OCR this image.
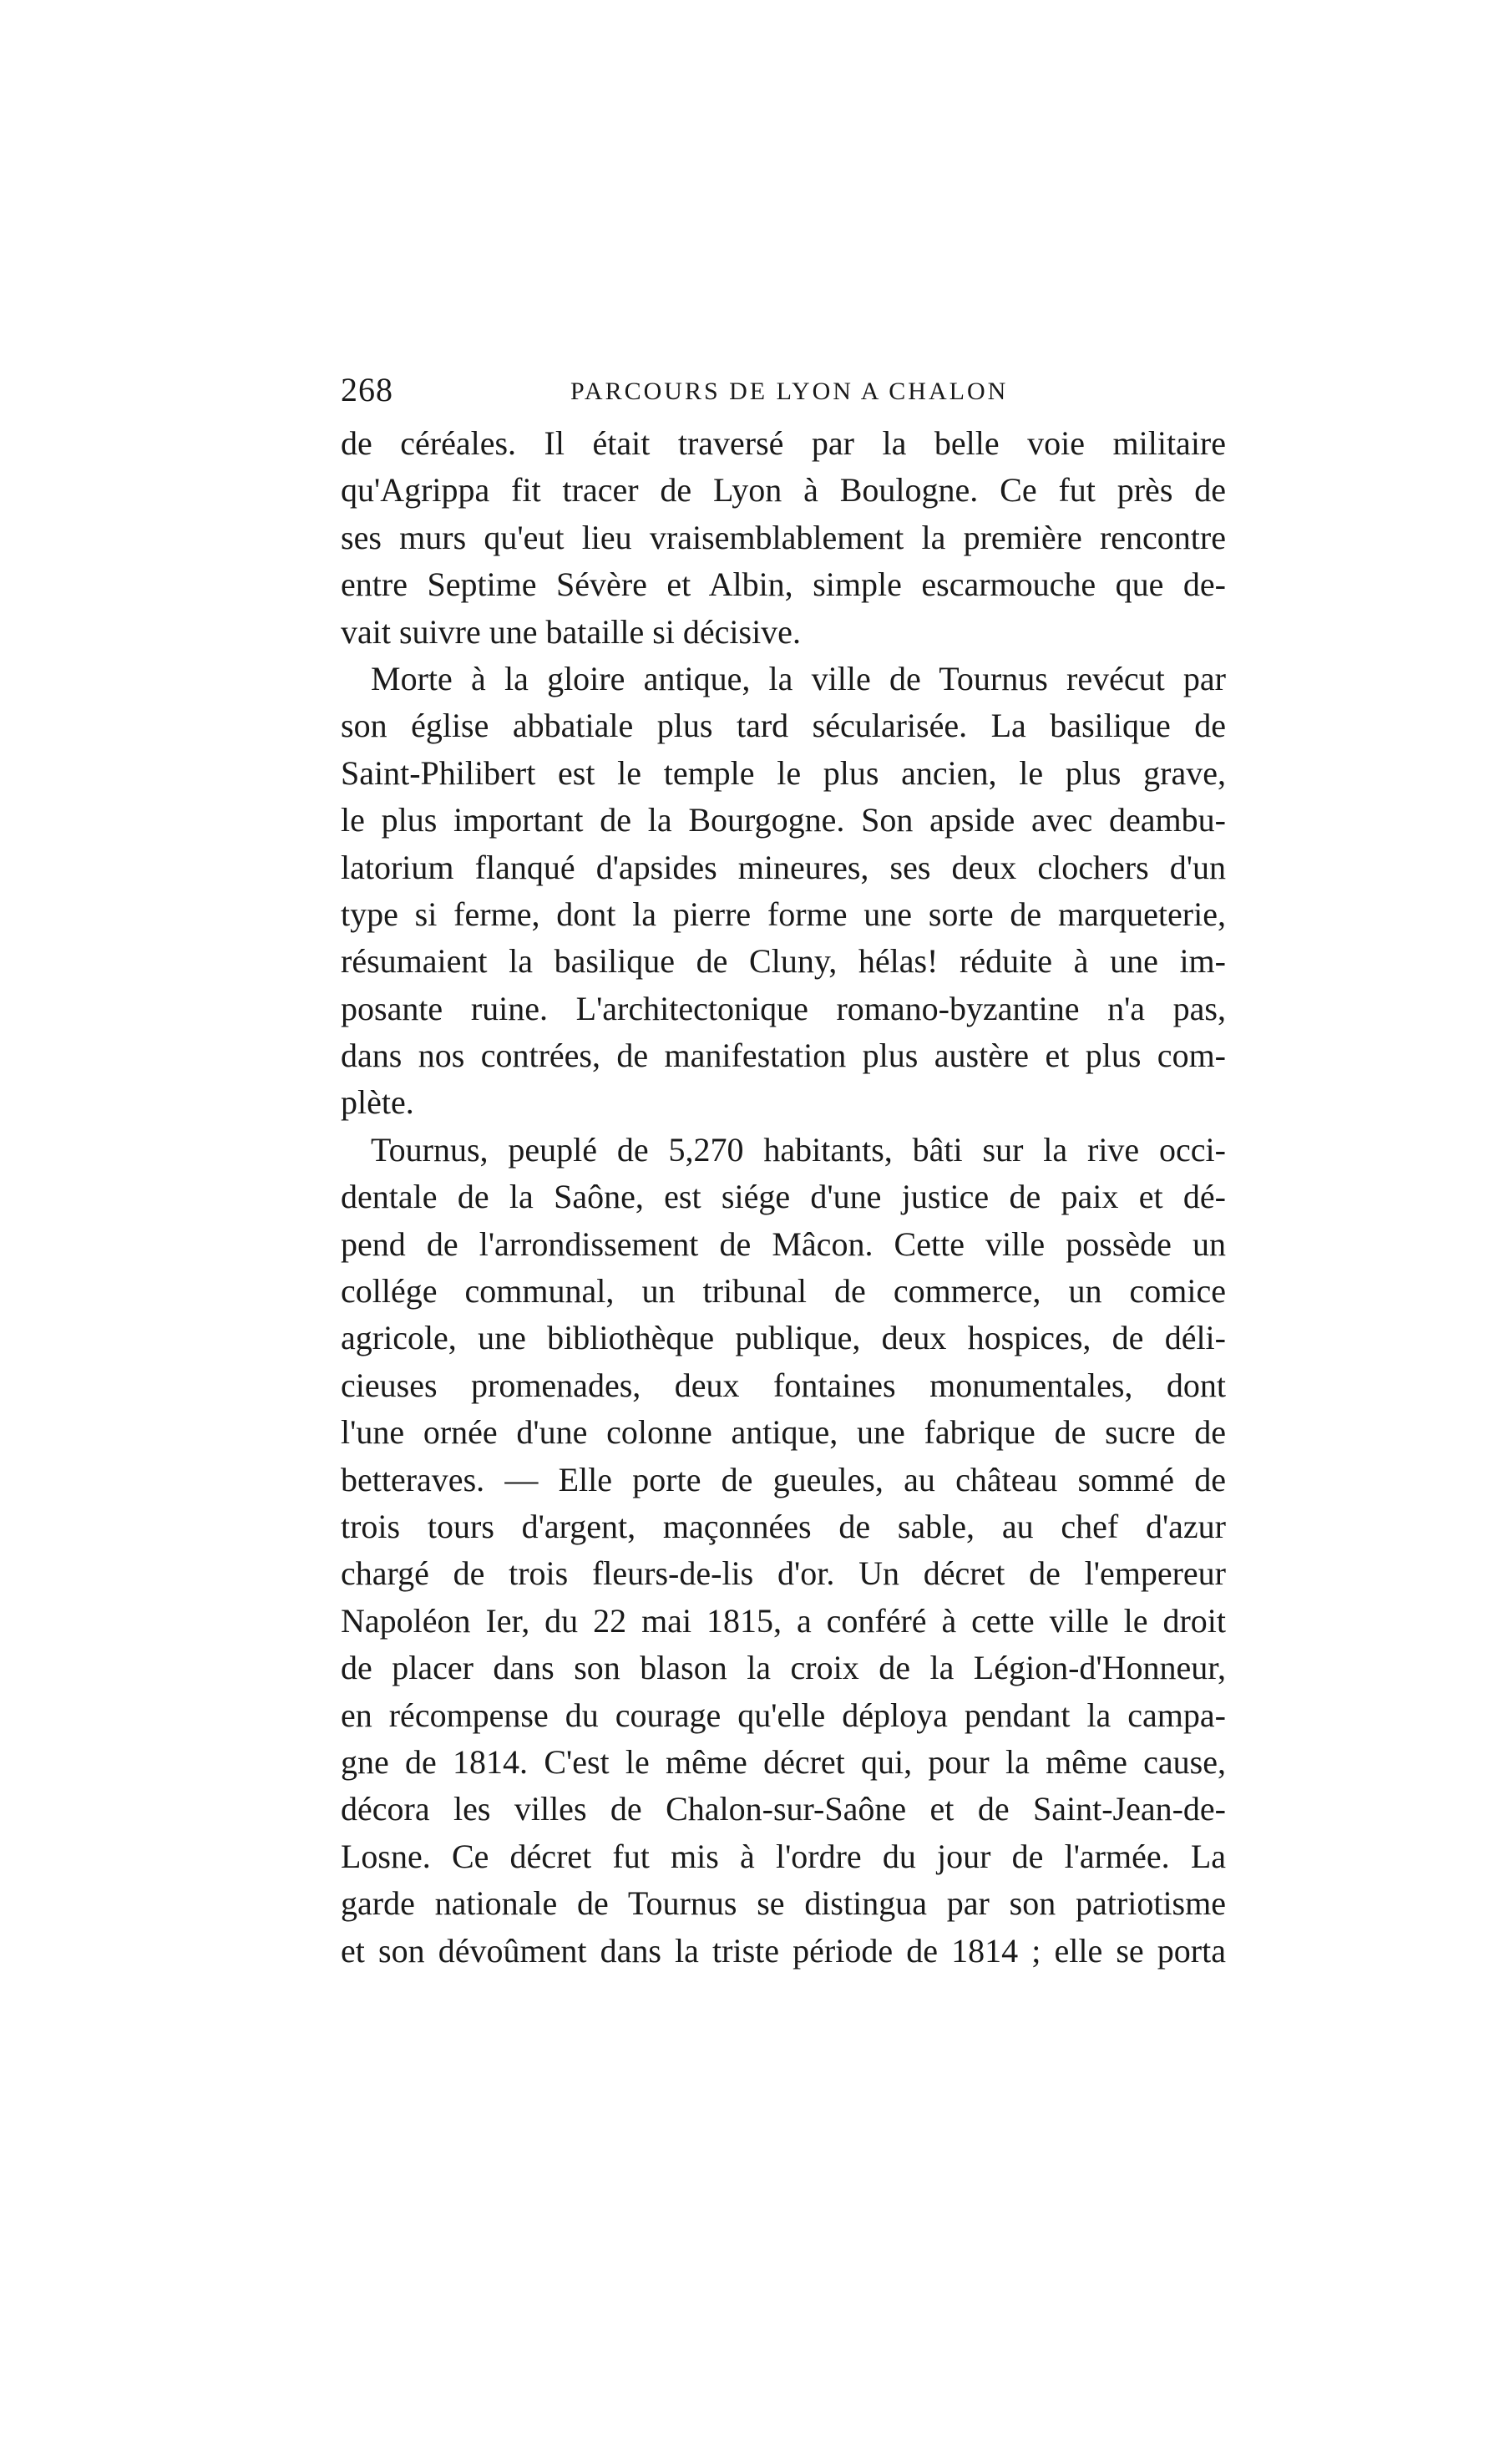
268	PARCOURS DE LYON A CHALON
de céréales. Il était traversé par la belle voie militaire
qu'Agrippa fit tracer de Lyon à Boulogne. Ce fut près de
ses murs qu'eut lieu vraisemblablement la première rencontre
entre Septime Sévère et Albin, simple escarmouche que de-
vait suivre une bataille si décisive.
Morte à la gloire antique, la ville de Tournus revécut par
son église abbatiale plus tard sécularisée. La basilique de
Saint-Philibert est le temple le plus ancien, le plus grave,
le plus important de la Bourgogne. Son apside avec deambu-
latorium flanqué d'apsides mineures, ses deux clochers d'un
type si ferme, dont la pierre forme une sorte de marqueterie,
résumaient la basilique de Cluny, hélas! réduite à une im-
posante ruine. L'architectonique romano-byzantine n'a pas,
dans nos contrées, de manifestation plus austère et plus com-
plète.
Tournus, peuplé de 5,270 habitants, bâti sur la rive occi-
dentale de la Saône, est siége d'une justice de paix et dé-
pend de l'arrondissement de Mâcon. Cette ville possède un
collége communal, un tribunal de commerce, un comice
agricole, une bibliothèque publique, deux hospices, de déli-
cieuses promenades, deux fontaines monumentales, dont
l'une ornée d'une colonne antique, une fabrique de sucre de
betteraves. — Elle porte de gueules, au château sommé de
trois tours d'argent, maçonnées de sable, au chef d'azur
chargé de trois fleurs-de-lis d'or. Un décret de l'empereur
Napoléon Ier, du 22 mai 1815, a conféré à cette ville le droit
de placer dans son blason la croix de la Légion-d'Honneur,
en récompense du courage qu'elle déploya pendant la campa-
gne de 1814. C'est le même décret qui, pour la même cause,
décora les villes de Chalon-sur-Saône et de Saint-Jean-de-
Losne. Ce décret fut mis à l'ordre du jour de l'armée. La
garde nationale de Tournus se distingua par son patriotisme
et son dévoûment dans la triste période de 1814 ; elle se porta
